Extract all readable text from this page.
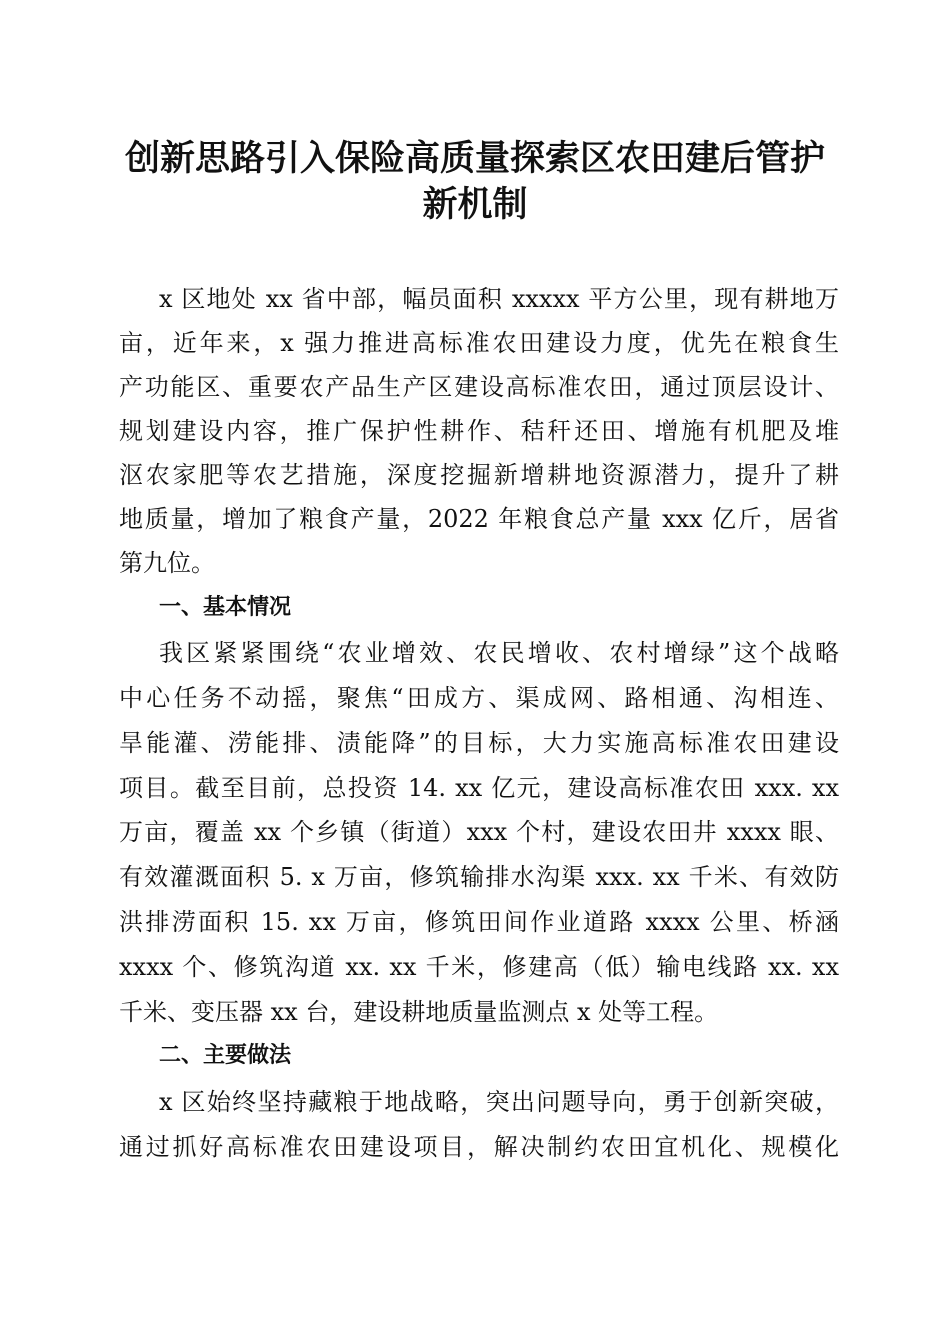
创新思路引入保险高质量探索区农田建后管护
新机制
x 区地处 xx 省中部，幅员面积 xxxxx 平方公里，现有耕地万
亩，近年来，x 强力推进高标准农田建设力度，优先在粮食生
产功能区、重要农产品生产区建设高标准农田，通过顶层设计、
规划建设内容，推广保护性耕作、秸秆还田、增施有机肥及堆
沤农家肥等农艺措施，深度挖掘新增耕地资源潜力，提升了耕
地质量，增加了粮食产量，2022 年粮食总产量 xxx 亿斤，居省
第九位。
一、基本情况
我区紧紧围绕“农业增效、农民增收、农村增绿”这个战略
中心任务不动摇，聚焦“田成方、渠成网、路相通、沟相连、
旱能灌、涝能排、渍能降”的目标，大力实施高标准农田建设
项目。截至目前，总投资 14. xx 亿元，建设高标准农田 xxx. xx
万亩，覆盖 xx 个乡镇（街道）xxx 个村，建设农田井 xxxx 眼、
有效灌溉面积 5. x 万亩，修筑输排水沟渠 xxx. xx 千米、有效防
洪排涝面积 15. xx 万亩，修筑田间作业道路 xxxx 公里、桥涵
xxxx 个、修筑沟道 xx. xx 千米，修建高（低）输电线路 xx. xx
千米、变压器 xx 台，建设耕地质量监测点 x 处等工程。
二、主要做法
x 区始终坚持藏粮于地战略，突出问题导向，勇于创新突破，
通过抓好高标准农田建设项目，解决制约农田宜机化、规模化
